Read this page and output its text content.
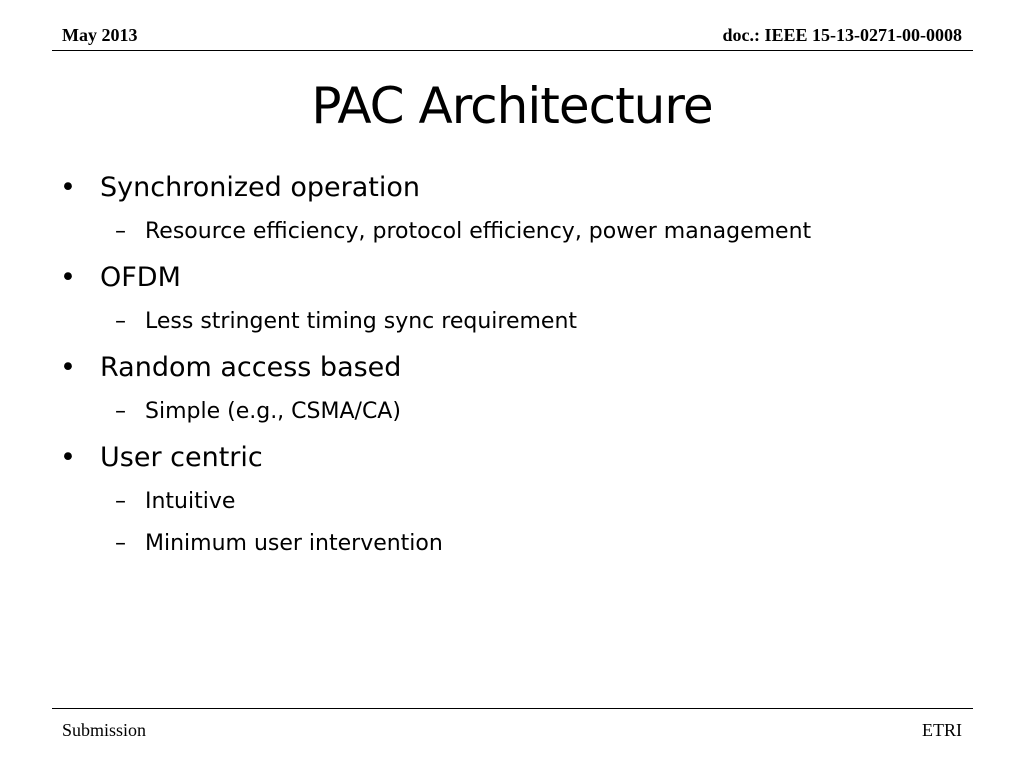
May 2013	doc.: IEEE 15-13-0271-00-0008
PAC Architecture
• Synchronized operation
– Resource efficiency, protocol efficiency, power management
• OFDM
– Less stringent timing sync requirement
• Random access based
– Simple (e.g., CSMA/CA)
• User centric
– Intuitive
– Minimum user intervention
Submission	ETRI
